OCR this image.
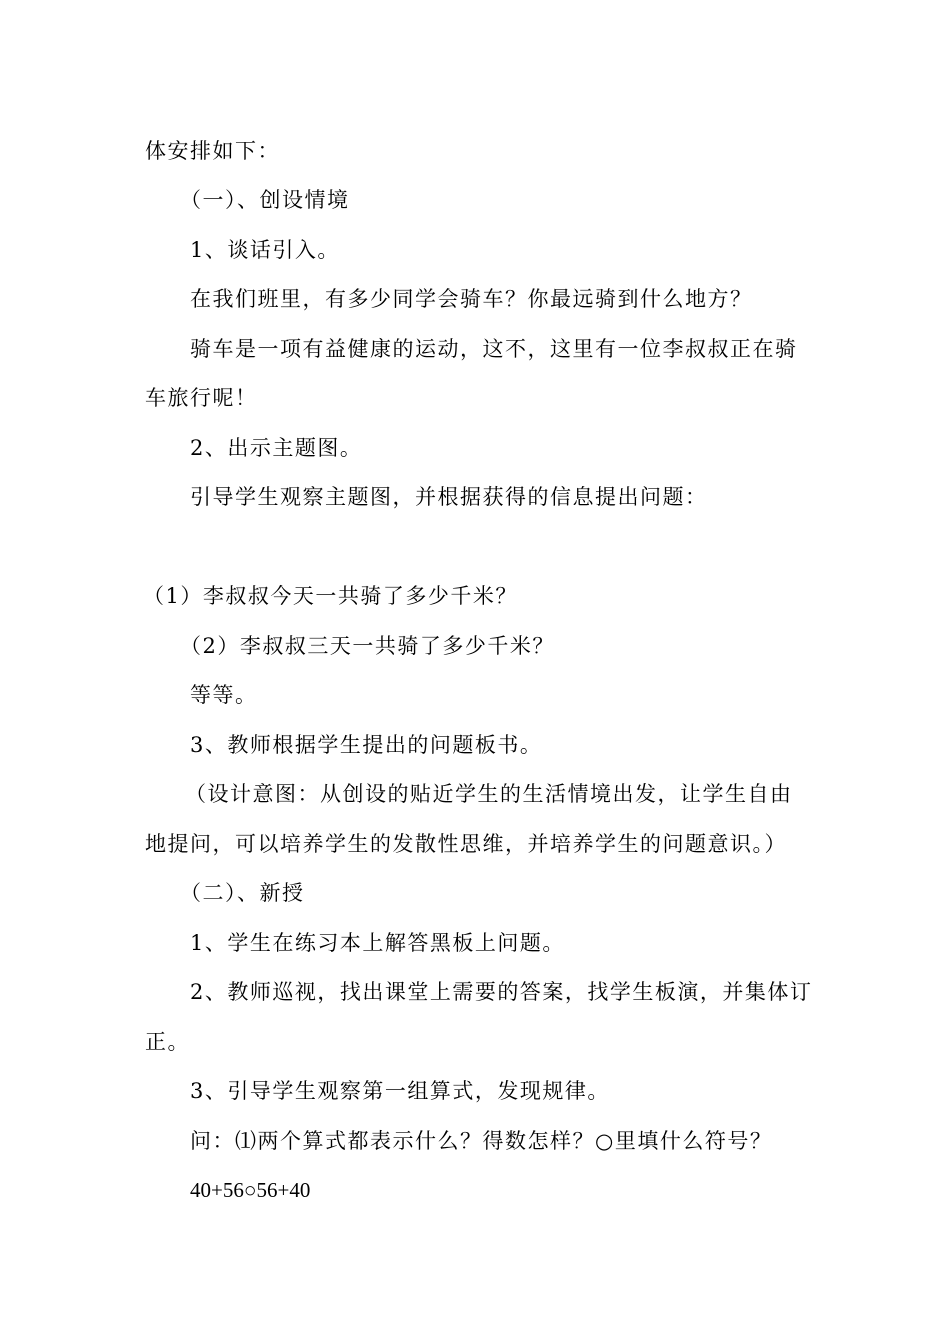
体安排如下：
（一）、创设情境
1、谈话引入。
在我们班里，有多少同学会骑车？你最远骑到什么地方？
骑车是一项有益健康的运动，这不，这里有一位李叔叔正在骑
车旅行呢！
2、出示主题图。
引导学生观察主题图，并根据获得的信息提出问题：
（1）李叔叔今天一共骑了多少千米？
（2）李叔叔三天一共骑了多少千米？
等等。
3、教师根据学生提出的问题板书。
（设计意图：从创设的贴近学生的生活情境出发，让学生自由
地提问，可以培养学生的发散性思维，并培养学生的问题意识。）
（二）、新授
1、学生在练习本上解答黑板上问题。
2、教师巡视，找出课堂上需要的答案，找学生板演，并集体订
正。
3、引导学生观察第一组算式，发现规律。
问：⑴两个算式都表示什么？得数怎样？○里填什么符号？
40+56○56+40
